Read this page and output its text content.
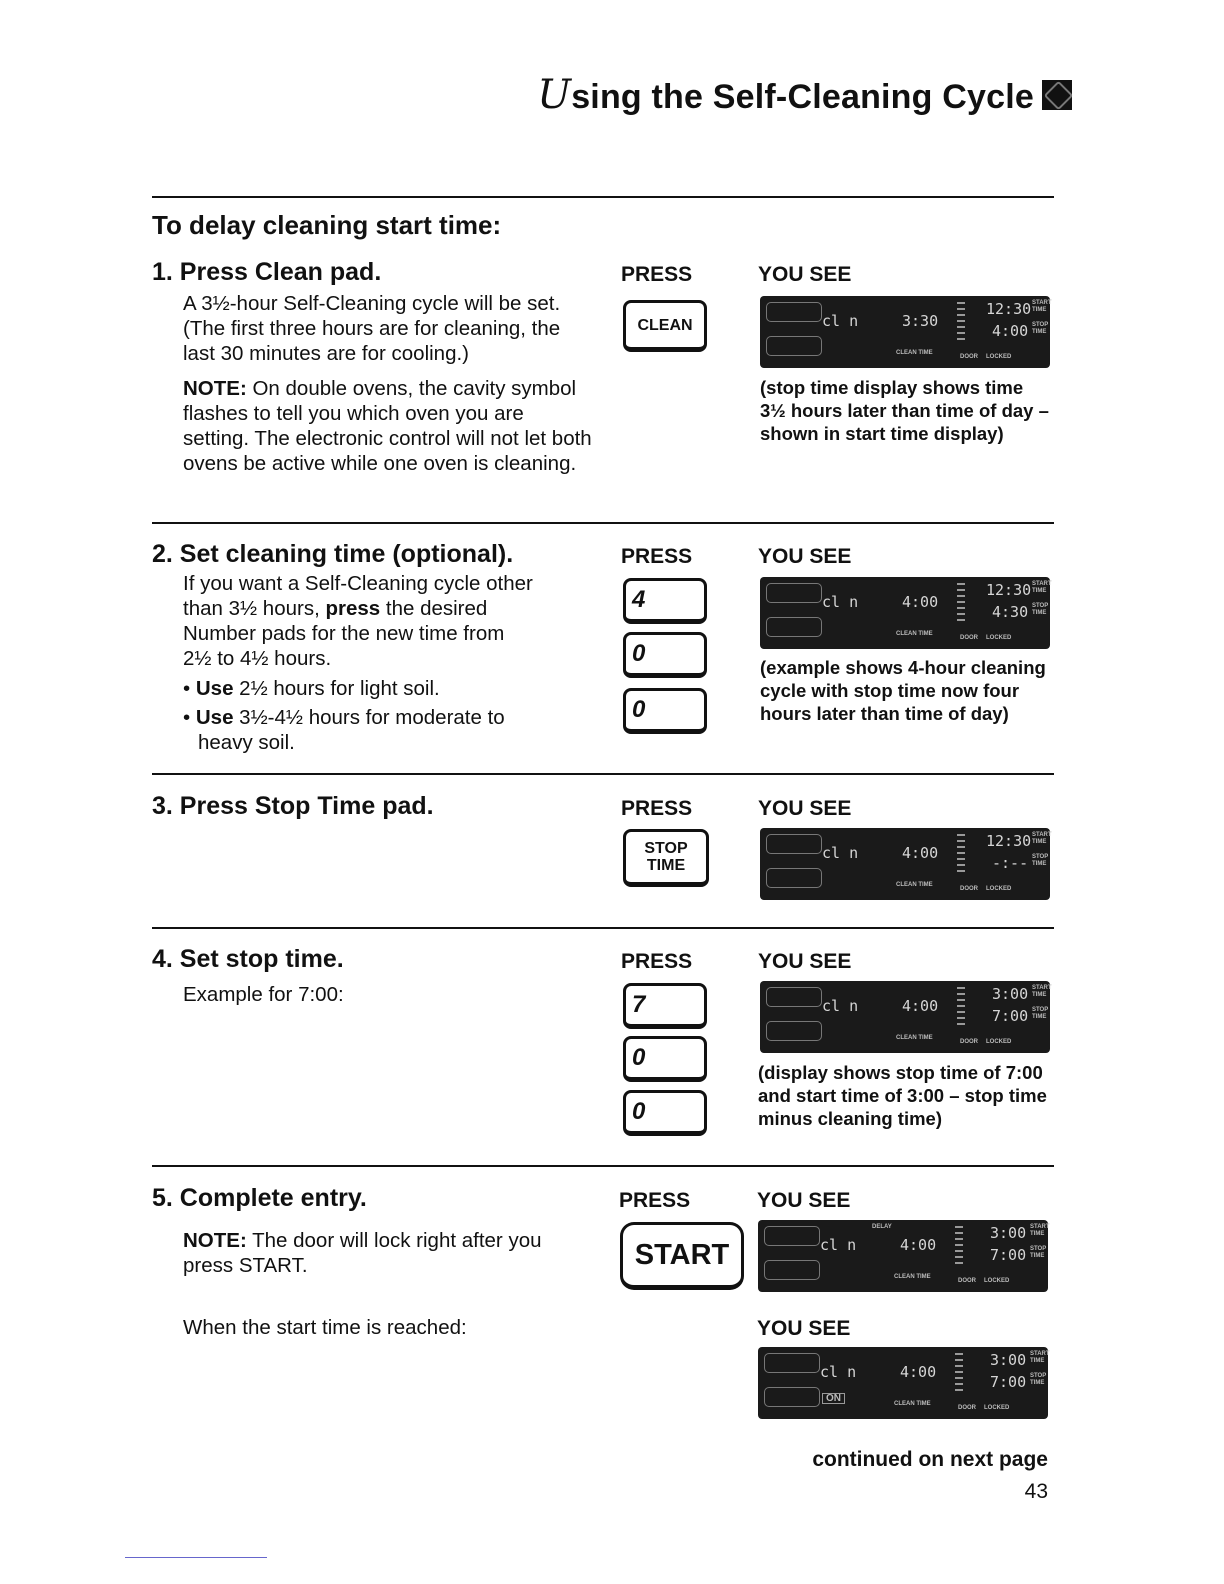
Using the Self-Cleaning Cycle
To delay cleaning start time:

1. Press Clean pad.

A 3½-hour Self-Cleaning cycle will be set. (The first three hours are for cleaning, the last 30 minutes are for cooling.)
NOTE: On double ovens, the cavity symbol flashes to tell you which oven you are setting. The electronic control will not let both ovens be active while one oven is cleaning.
PRESS	YOU SEE
CLEAN	cl n	3:30
12:30 START TIME
4:00 STOP TIME
CLEAN TIME
DOOR LOCKED
(stop time display shows time 3½ hours later than time of day – shown in start time display)

2. Set cleaning time (optional).

If you want a Self-Cleaning cycle other than 3½ hours, press the desired Number pads for the new time from 2½ to 4½ hours.
• Use 2½ hours for light soil.
• Use 3½-4½ hours for moderate to heavy soil.
PRESS	YOU SEE
4
0
0
cl n	4:00
12:30 START TIME
4:30 STOP TIME
CLEAN TIME
DOOR LOCKED
(example shows 4-hour cleaning cycle with stop time now four hours later than time of day)

3. Press Stop Time pad.	PRESS	YOU SEE
STOP TIME
cl n	4:00
12:30 START TIME
-:-- STOP TIME
CLEAN TIME
DOOR LOCKED

4. Set stop time.

Example for 7:00:
PRESS	YOU SEE
7
0
0
cl n	4:00
3:00 START TIME
7:00 STOP TIME
CLEAN TIME
DOOR LOCKED
(display shows stop time of 7:00 and start time of 3:00 – stop time minus cleaning time)

5. Complete entry.

NOTE: The door will lock right after you press START.
PRESS	YOU SEE
START
DELAY
cl n	4:00
3:00 START TIME
7:00 STOP TIME
CLEAN TIME
DOOR LOCKED
When the start time is reached:	YOU SEE
cl n
ON
4:00
3:00 START TIME
7:00 STOP TIME
CLEAN TIME
DOOR LOCKED
continued on next page
43
